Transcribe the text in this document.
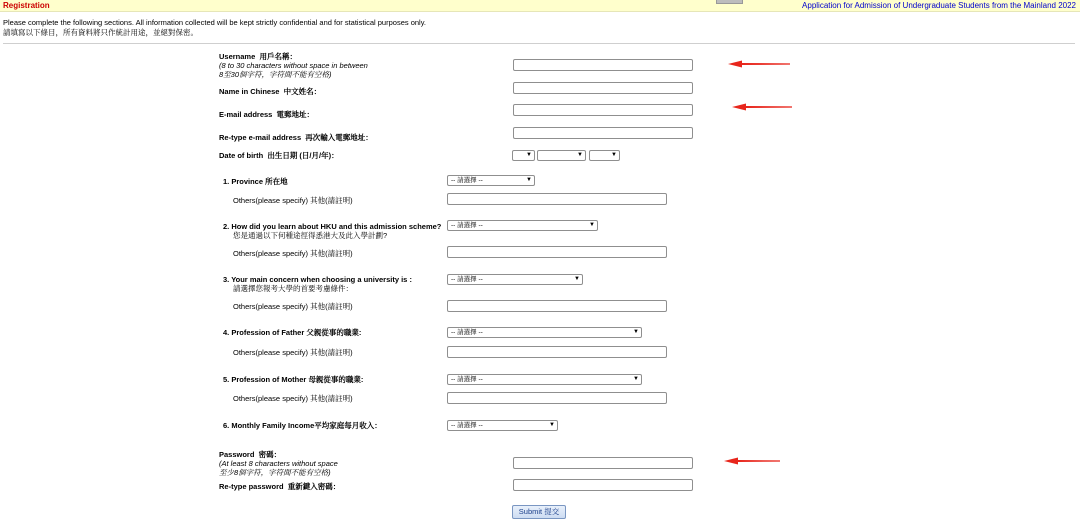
Registration	Application for Admission of Undergraduate Students from the Mainland 2022
Please complete the following sections. All information collected will be kept strictly confidential and for statistical purposes only.
請填寫以下條目，所有資料將只作統計用途，並絕對保密。
Username 用戶名稱：
(8 to 30 characters without space in between
8至30個字符，字符間不能有空格)
Name in Chinese 中文姓名：
E-mail address 電郵地址：
Re-type e-mail address 再次輸入電郵地址：
Date of birth 出生日期 (日/月/年)：	▼	▼	▼
1. Province 所在地	-- 請選擇 --	▼
Others(please specify) 其他(請註明)
2. How did you learn about HKU and this admission scheme?
您是通過以下何種途徑得悉港大及此入學計劃?
-- 請選擇 --	▼
Others(please specify) 其他(請註明)
3. Your main concern when choosing a university is :
請選擇您報考大學的首要考慮條件：
-- 請選擇 --	▼
Others(please specify) 其他(請註明)
4. Profession of Father 父親從事的職業:	-- 請選擇 --	▼
Others(please specify) 其他(請註明)
5. Profession of Mother 母親從事的職業:	-- 請選擇 --	▼
Others(please specify) 其他(請註明)
6. Monthly Family Income平均家庭每月收入：	-- 請選擇 --	▼
Password 密碼：
(At least 8 characters without space
至少8個字符，字符間不能有空格)
Re-type password 重新鍵入密碼：
Submit 提交
